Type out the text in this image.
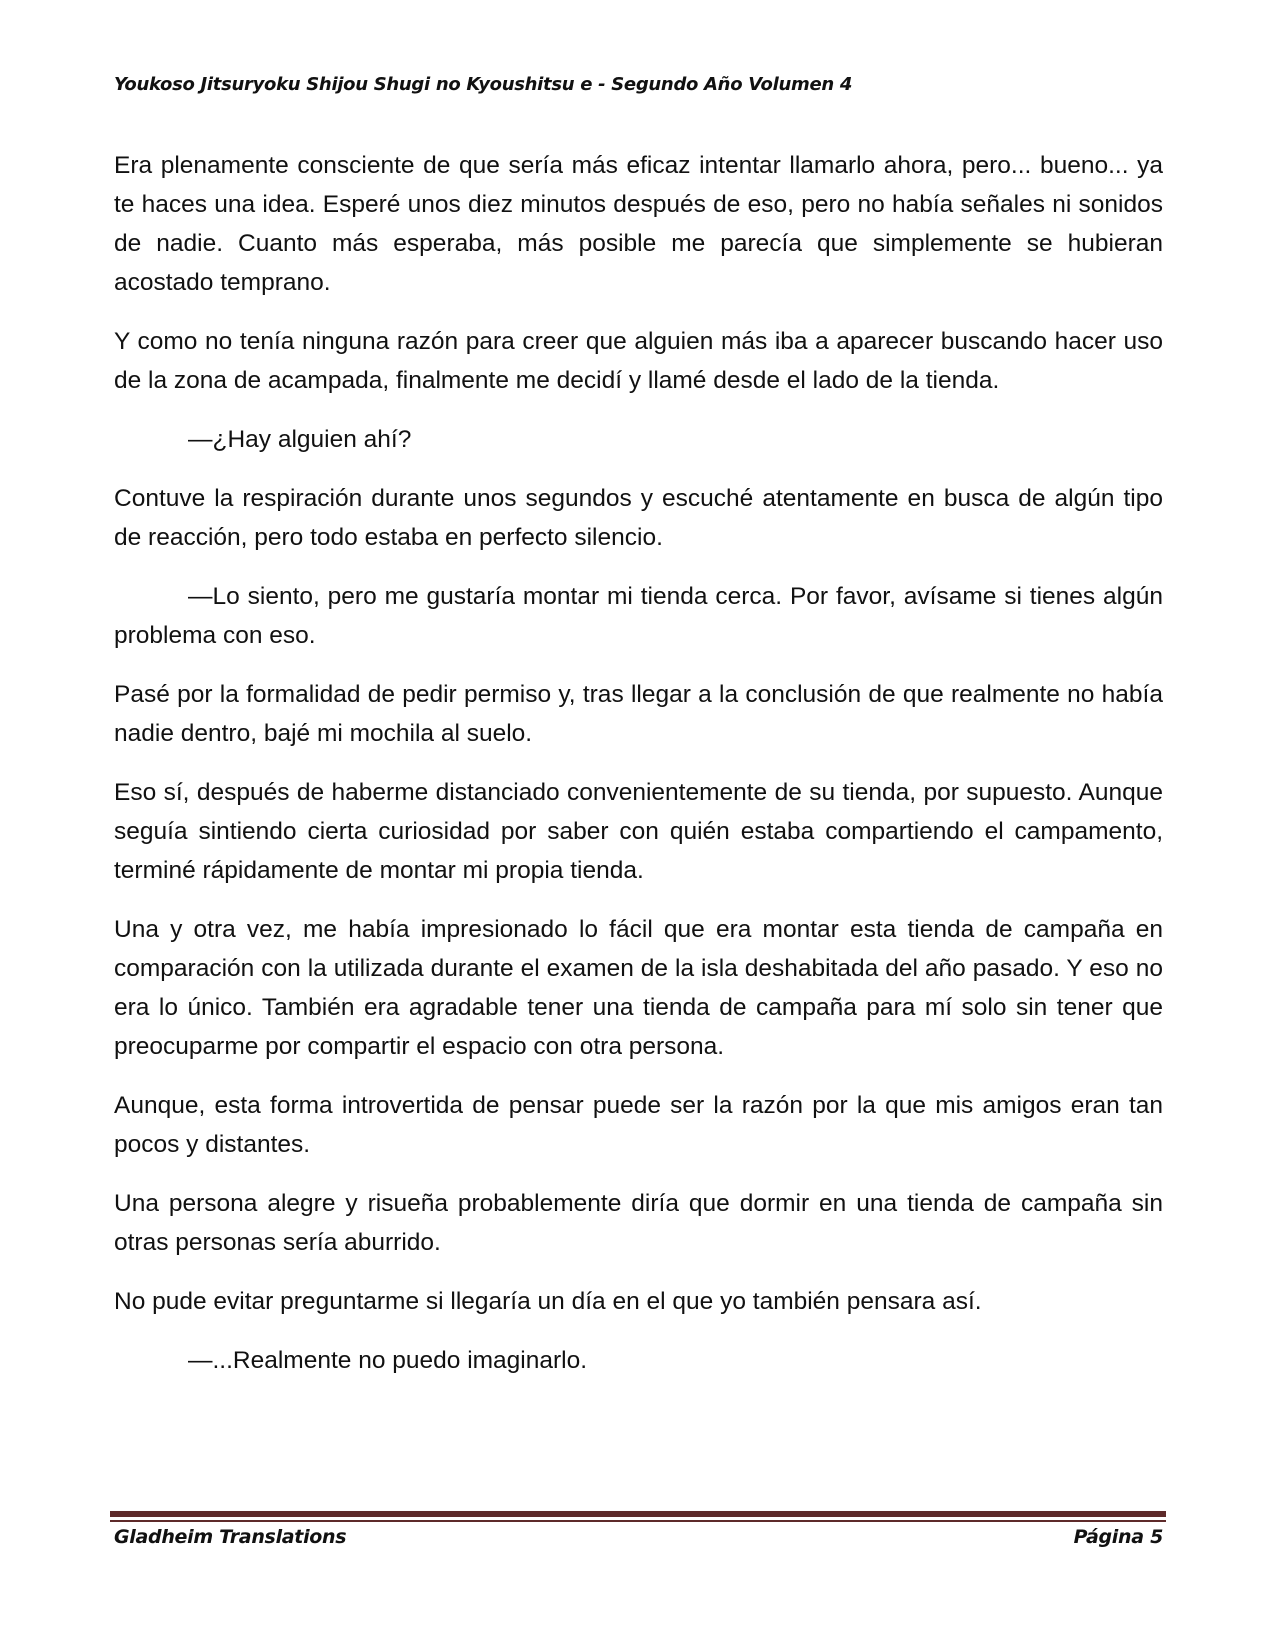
Youkoso Jitsuryoku Shijou Shugi no Kyoushitsu e - Segundo Año Volumen 4

Era plenamente consciente de que sería más eficaz intentar llamarlo ahora, pero... bueno... ya te haces una idea. Esperé unos diez minutos después de eso, pero no había señales ni sonidos de nadie. Cuanto más esperaba, más posible me parecía que simplemente se hubieran acostado temprano.

Y como no tenía ninguna razón para creer que alguien más iba a aparecer buscando hacer uso de la zona de acampada, finalmente me decidí y llamé desde el lado de la tienda.

—¿Hay alguien ahí?

Contuve la respiración durante unos segundos y escuché atentamente en busca de algún tipo de reacción, pero todo estaba en perfecto silencio.

—Lo siento, pero me gustaría montar mi tienda cerca. Por favor, avísame si tienes algún problema con eso.

Pasé por la formalidad de pedir permiso y, tras llegar a la conclusión de que realmente no había nadie dentro, bajé mi mochila al suelo.

Eso sí, después de haberme distanciado convenientemente de su tienda, por supuesto. Aunque seguía sintiendo cierta curiosidad por saber con quién estaba compartiendo el campamento, terminé rápidamente de montar mi propia tienda.

Una y otra vez, me había impresionado lo fácil que era montar esta tienda de campaña en comparación con la utilizada durante el examen de la isla deshabitada del año pasado. Y eso no era lo único. También era agradable tener una tienda de campaña para mí solo sin tener que preocuparme por compartir el espacio con otra persona.

Aunque, esta forma introvertida de pensar puede ser la razón por la que mis amigos eran tan pocos y distantes.

Una persona alegre y risueña probablemente diría que dormir en una tienda de campaña sin otras personas sería aburrido.

No pude evitar preguntarme si llegaría un día en el que yo también pensara así.

—...Realmente no puedo imaginarlo.

Gladheim Translations	Página 5
